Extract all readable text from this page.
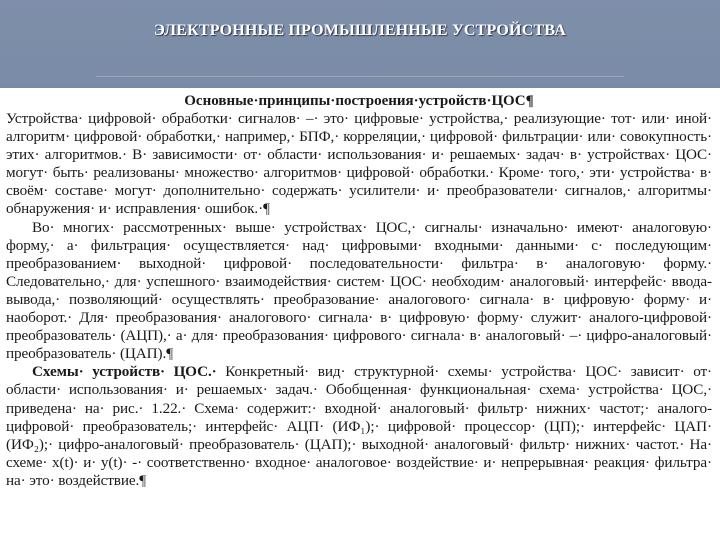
ЭЛЕКТРОННЫЕ ПРОМЫШЛЕННЫЕ УСТРОЙСТВА

Основные·принципы·построения·устройств·ЦОС¶

Устройства· цифровой· обработки· сигналов· –· это· цифровые· устройства,· реализующие· тот· или· иной· алгоритм· цифровой· обработки,· например,· БПФ,· корреляции,· цифровой· фильтрации· или· совокупность· этих· алгоритмов.· В· зависимости· от· области· использования· и· решаемых· задач· в· устройствах· ЦОС· могут· быть· реализованы· множество· алгоритмов· цифровой· обработки.· Кроме· того,· эти· устройства· в· своём· составе· могут· дополнительно· содержать· усилители· и· преобразователи· сигналов,· алгоритмы· обнаружения· и· исправления· ошибок.·¶

Во· многих· рассмотренных· выше· устройствах· ЦОС,· сигналы· изначально· имеют· аналоговую· форму,· а· фильтрация· осуществляется· над· цифровыми· входными· данными· с· последующим· преобразованием· выходной· цифровой· последовательности· фильтра· в· аналоговую· форму.· Следовательно,· для· успешного· взаимодействия· систем· ЦОС· необходим· аналоговый· интерфейс· ввода-вывода,· позволяющий· осуществлять· преобразование· аналогового· сигнала· в· цифровую· форму· и· наоборот.· Для· преобразования· аналогового· сигнала· в· цифровую· форму· служит· аналого-цифровой· преобразователь· (АЦП),· а· для· преобразования· цифрового· сигнала· в· аналоговый· –· цифро-аналоговый· преобразователь· (ЦАП).¶

Схемы· устройств· ЦОС.· Конкретный· вид· структурной· схемы· устройства· ЦОС· зависит· от· области· использования· и· решаемых· задач.· Обобщенная· функциональная· схема· устройства· ЦОС,· приведена· на· рис.· 1.22.· Схема· содержит:· входной· аналоговый· фильтр· нижних· частот;· аналого-цифровой· преобразователь;· интерфейс· АЦП· (ИФ₁);· цифровой· процессор· (ЦП);· интерфейс· ЦАП· (ИФ₂);· цифро-аналоговый· преобразователь· (ЦАП);· выходной· аналоговый· фильтр· нижних· частот.· На· схеме· x(t)· и· y(t)· -· соответственно· входное· аналоговое· воздействие· и· непрерывная· реакция· фильтра· на· это· воздействие.¶
